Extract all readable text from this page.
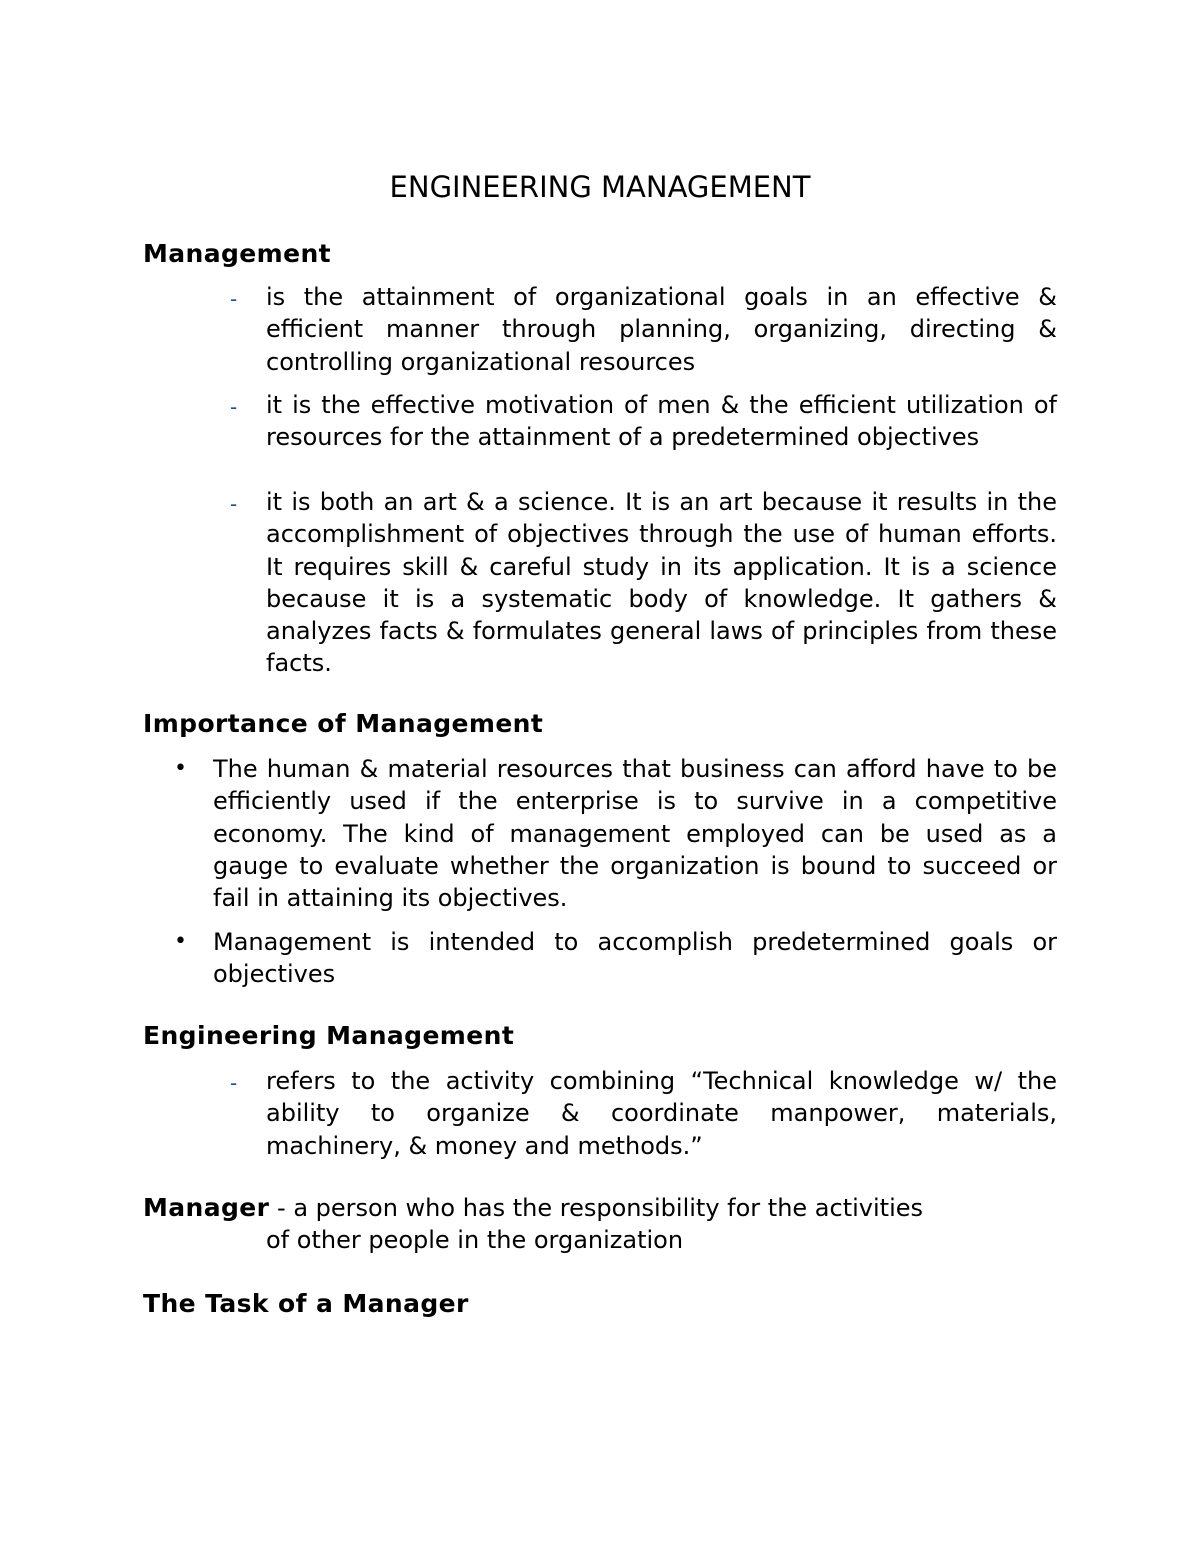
ENGINEERING MANAGEMENT
Management
- is the attainment of organizational goals in an effective & efficient manner through planning, organizing, directing & controlling organizational resources

- it is the effective motivation of men & the efficient utilization of resources for the attainment of a predetermined objectives

- it is both an art & a science. It is an art because it results in the accomplishment of objectives through the use of human efforts. It requires skill & careful study in its application. It is a science because it is a systematic body of knowledge. It gathers & analyzes facts & formulates general laws of principles from these facts.

Importance of Management
• The human & material resources that business can afford have to be efficiently used if the enterprise is to survive in a competitive economy. The kind of management employed can be used as a gauge to evaluate whether the organization is bound to succeed or fail in attaining its objectives.

• Management is intended to accomplish predetermined goals or objectives

Engineering Management
- refers to the activity combining “Technical knowledge w/ the ability to organize & coordinate manpower, materials, machinery, & money and methods.”

Manager - a person who has the responsibility for the activities
of other people in the organization

The Task of a Manager
